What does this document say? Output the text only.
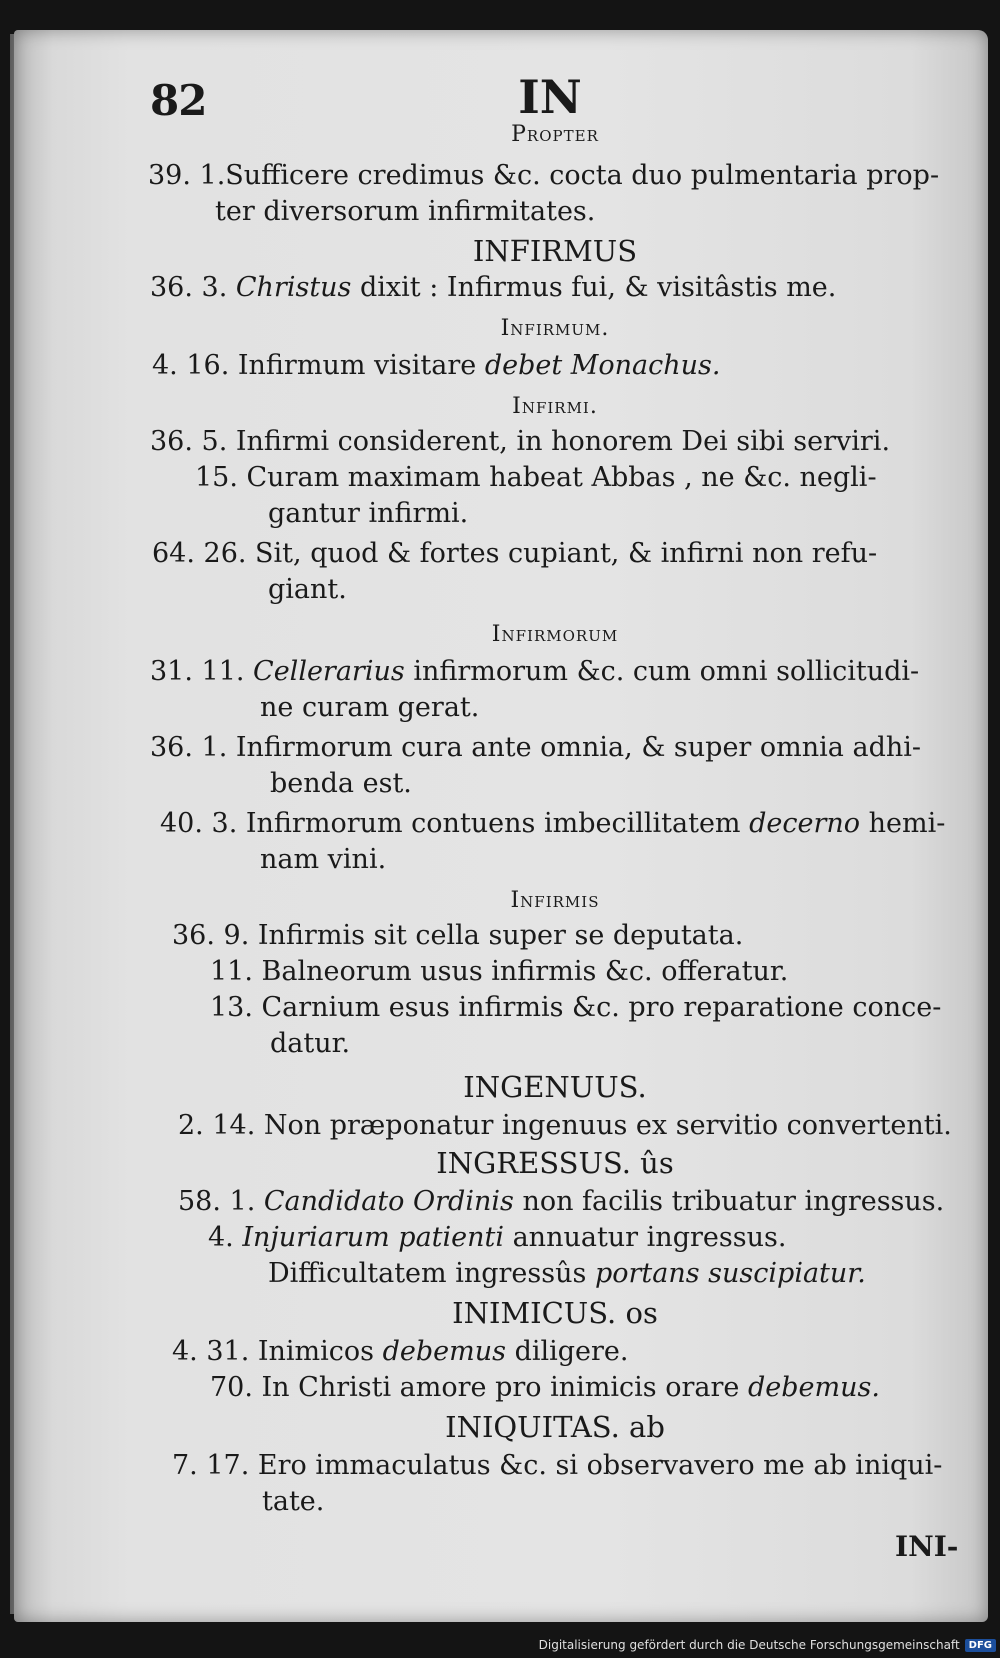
82	IN
Propter
39. 1.Sufficere credimus &c. cocta duo pulmentaria prop-
ter diversorum infirmitates.
INFIRMUS
36. 3. Christus dixit : Infirmus fui, & visitâstis me.
Infirmum.
4. 16. Infirmum visitare debet Monachus.
Infirmi.
36. 5. Infirmi considerent, in honorem Dei sibi serviri.
15. Curam maximam habeat Abbas , ne &c. negli-
gantur infirmi.
64. 26. Sit, quod & fortes cupiant, & infirni non refu-
giant.
Infirmorum
31. 11. Cellerarius infirmorum &c. cum omni sollicitudi-
ne curam gerat.
36. 1. Infirmorum cura ante omnia, & super omnia adhi-
benda est.
40. 3. Infirmorum contuens imbecillitatem decerno hemi-
nam vini.
Infirmis
36. 9. Infirmis sit cella super se deputata.
11. Balneorum usus infirmis &c. offeratur.
13. Carnium esus infirmis &c. pro reparatione conce-
datur.
INGENUUS.
2. 14. Non præponatur ingenuus ex servitio convertenti.
INGRESSUS. ûs
58. 1. Candidato Ordinis non facilis tribuatur ingressus.
4. Injuriarum patienti annuatur ingressus.
Difficultatem ingressûs portans suscipiatur.
INIMICUS. os
4. 31. Inimicos debemus diligere.
70. In Christi amore pro inimicis orare debemus.
INIQUITAS. ab
7. 17. Ero immaculatus &c. si observavero me ab iniqui-
tate.
INI-
Digitalisierung gefördert durch die Deutsche Forschungsgemeinschaft DFG
